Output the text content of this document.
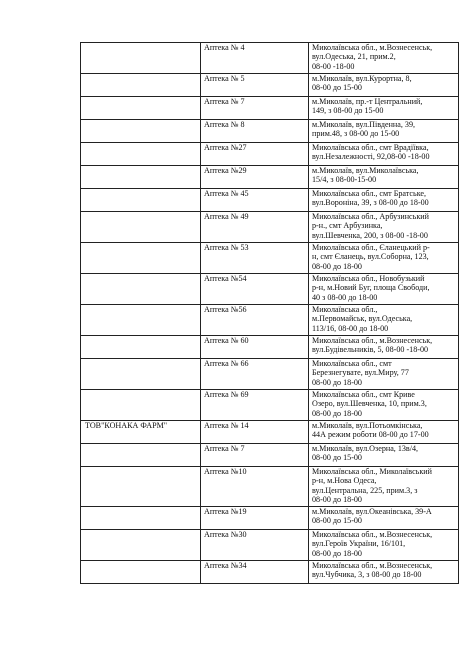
	Аптека № 4	Миколаївська обл., м.Вознесенськ,
вул.Одеська, 21, прим.2,
08-00 -18-00
	Аптека № 5	м.Миколаїв, вул.Курортна, 8,
08-00 до 15-00
	Аптека № 7	м.Миколаїв, пр.-т Центральний,
149, з 08-00 до 15-00
	Аптека № 8	м.Миколаїв, вул.Південна, 39,
прим.48, з 08-00 до 15-00
	Аптека №27	Миколаївська обл., смт Врадіївка,
вул.Незалежності, 92,08-00 -18-00
	Аптека №29	м.Миколаїв, вул.Миколаївська,
15/4, з 08-00-15-00
	Аптека № 45	Миколаївська обл., смт Братське,
вул.Вороніна, 39, з 08-00 до 18-00
	Аптека № 49	Миколаївська обл., Арбузинський
р-н., смт Арбузинка,
вул.Шевченка, 200, з 08-00 -18-00
	Аптека № 53	Миколаївська обл., Єланецький р-
н, смт Єланець, вул.Соборна, 123,
08-00 до 18-00
	Аптека №54	Миколаївська обл., Новобузький
р-н, м.Новий Буг, площа Свободи,
40 з 08-00 до 18-00
	Аптека №56	Миколаївська обл.,
м.Первомайськ, вул.Одеська,
113/16, 08-00 до 18-00
	Аптека № 60	Миколаївська обл., м.Вознесенськ,
вул.Будівельників, 5, 08-00 -18-00
	Аптека № 66	Миколаївська обл., смт
Березнегувате, вул.Миру, 77
08-00 до 18-00
	Аптека № 69	Миколаївська обл., смт Криве
Озеро, вул.Шевченка, 10, прим.3,
08-00 до 18-00
ТОВ"КОНАКА ФАРМ"	Аптека № 14	м.Миколаїв, вул.Потьомкінська,
44А режим роботи 08-00 до 17-00
	Аптека № 7	м.Миколаїв, вул.Озерна, 13в/4,
08-00 до 15-00
	Аптека №10	Миколаївська обл., Миколаївський
р-н, м.Нова Одеса,
вул.Центральна, 225, прим.3, з
08-00 до 18-00
	Аптека №19	м.Миколаїв, вул.Океанівська, 39-А
08-00 до 15-00
	Аптека №30	Миколаївська обл., м.Вознесенськ,
вул.Героїв України, 16/101,
08-00 до 18-00
	Аптека №34	Миколаївська обл., м.Вознесенськ,
вул.Чубчика, 3, з 08-00 до 18-00
